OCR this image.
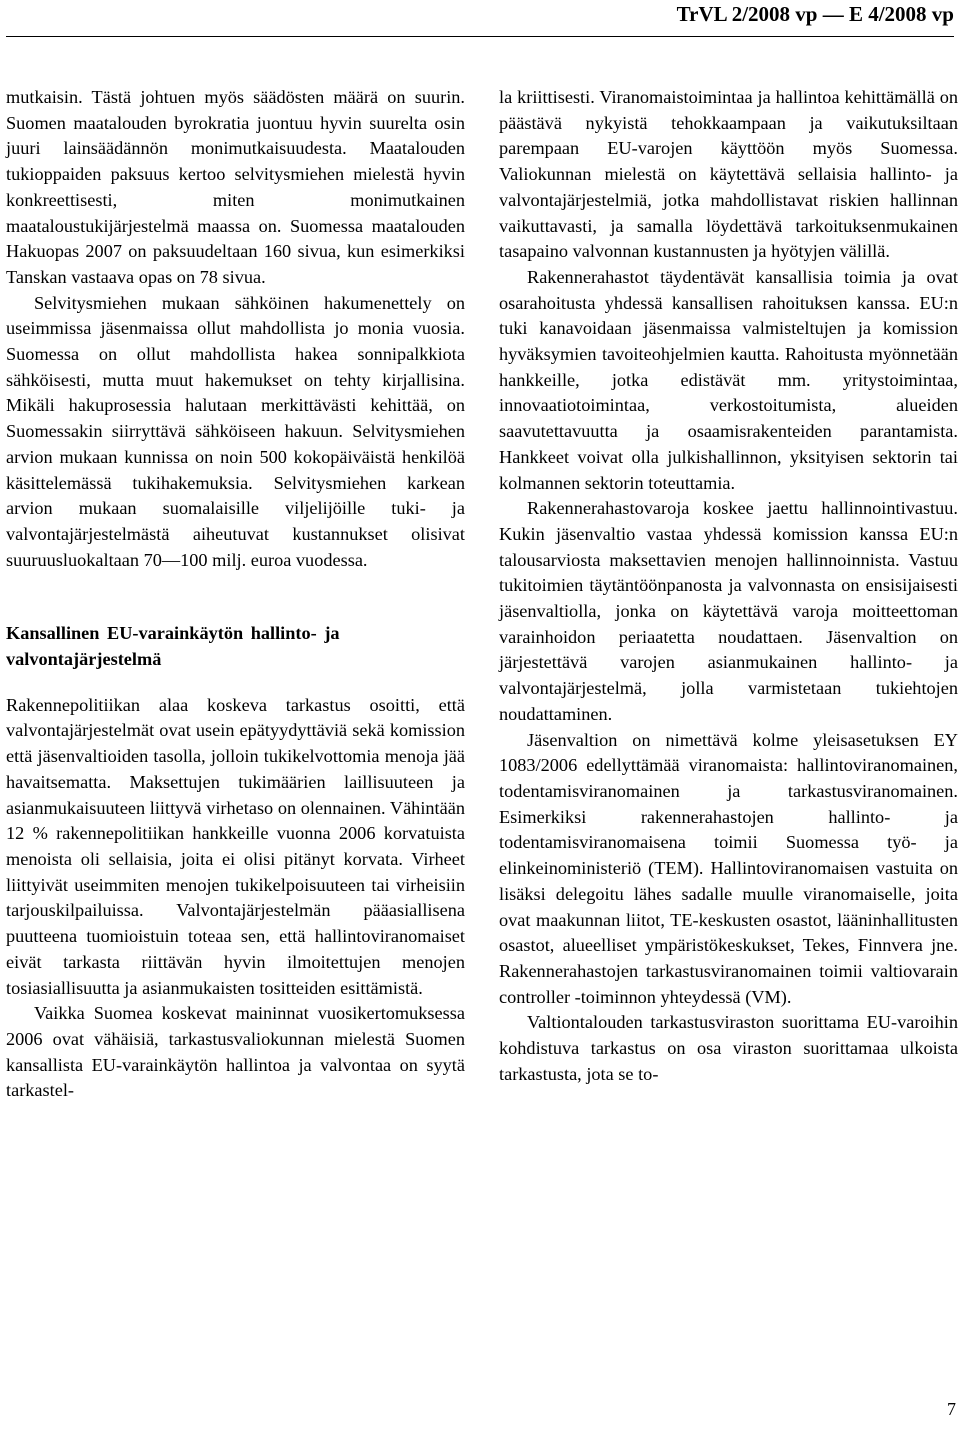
TrVL 2/2008 vp — E 4/2008 vp

mutkaisin. Tästä johtuen myös säädösten määrä on suurin. Suomen maatalouden byrokratia juontuu hyvin suurelta osin juuri lainsäädännön monimutkaisuudesta. Maatalouden tukioppaiden paksuus kertoo selvitysmiehen mielestä hyvin konkreettisesti, miten monimutkainen maataloustukijärjestelmä maassa on. Suomessa maatalouden Hakuopas 2007 on paksuudeltaan 160 sivua, kun esimerkiksi Tanskan vastaava opas on 78 sivua.

Selvitysmiehen mukaan sähköinen hakumenettely on useimmissa jäsenmaissa ollut mahdollista jo monia vuosia. Suomessa on ollut mahdollista hakea sonnipalkkiota sähköisesti, mutta muut hakemukset on tehty kirjallisina. Mikäli hakuprosessia halutaan merkittävästi kehittää, on Suomessakin siirryttävä sähköiseen hakuun. Selvitysmiehen arvion mukaan kunnissa on noin 500 kokopäiväistä henkilöä käsittelemässä tukihakemuksia. Selvitysmiehen karkean arvion mukaan suomalaisille viljelijöille tuki- ja valvontajärjestelmästä aiheutuvat kustannukset olisivat suuruusluokaltaan 70—100 milj. euroa vuodessa.

Kansallinen EU-varainkäytön hallinto- ja valvontajärjestelmä

Rakennepolitiikan alaa koskeva tarkastus osoitti, että valvontajärjestelmät ovat usein epätyydyttäviä sekä komission että jäsenvaltioiden tasolla, jolloin tukikelvottomia menoja jää havaitsematta. Maksettujen tukimäärien laillisuuteen ja asianmukaisuuteen liittyvä virhetaso on olennainen. Vähintään 12 % rakennepolitiikan hankkeille vuonna 2006 korvatuista menoista oli sellaisia, joita ei olisi pitänyt korvata. Virheet liittyivät useimmiten menojen tukikelpoisuuteen tai virheisiin tarjouskilpailuissa. Valvontajärjestelmän pääasiallisena puutteena tuomioistuin toteaa sen, että hallintoviranomaiset eivät tarkasta riittävän hyvin ilmoitettujen menojen tosiasiallisuutta ja asianmukaisten tositteiden esittämistä.

Vaikka Suomea koskevat maininnat vuosikertomuksessa 2006 ovat vähäisiä, tarkastusvaliokunnan mielestä Suomen kansallista EU-varainkäytön hallintoa ja valvontaa on syytä tarkastel-

la kriittisesti. Viranomaistoimintaa ja hallintoa kehittämällä on päästävä nykyistä tehokkaampaan ja vaikutuksiltaan parempaan EU-varojen käyttöön myös Suomessa. Valiokunnan mielestä on käytettävä sellaisia hallinto- ja valvontajärjestelmiä, jotka mahdollistavat riskien hallinnan vaikuttavasti, ja samalla löydettävä tarkoituksenmukainen tasapaino valvonnan kustannusten ja hyötyjen välillä.

Rakennerahastot täydentävät kansallisia toimia ja ovat osarahoitusta yhdessä kansallisen rahoituksen kanssa. EU:n tuki kanavoidaan jäsenmaissa valmisteltujen ja komission hyväksymien tavoiteohjelmien kautta. Rahoitusta myönnetään hankkeille, jotka edistävät mm. yritystoimintaa, innovaatiotoimintaa, verkostoitumista, alueiden saavutettavuutta ja osaamisrakenteiden parantamista. Hankkeet voivat olla julkishallinnon, yksityisen sektorin tai kolmannen sektorin toteuttamia.

Rakennerahastovaroja koskee jaettu hallinnointivastuu. Kukin jäsenvaltio vastaa yhdessä komission kanssa EU:n talousarviosta maksettavien menojen hallinnoinnista. Vastuu tukitoimien täytäntöönpanosta ja valvonnasta on ensisijaisesti jäsenvaltiolla, jonka on käytettävä varoja moitteettoman varainhoidon periaatetta noudattaen. Jäsenvaltion on järjestettävä varojen asianmukainen hallinto- ja valvontajärjestelmä, jolla varmistetaan tukiehtojen noudattaminen.

Jäsenvaltion on nimettävä kolme yleisasetuksen EY 1083/2006 edellyttämää viranomaista: hallintoviranomainen, todentamisviranomainen ja tarkastusviranomainen. Esimerkiksi rakennerahastojen hallinto- ja todentamisviranomaisena toimii Suomessa työ- ja elinkeinoministeriö (TEM). Hallintoviranomaisen vastuita on lisäksi delegoitu lähes sadalle muulle viranomaiselle, joita ovat maakunnan liitot, TE-keskusten osastot, lääninhallitusten osastot, alueelliset ympäristökeskukset, Tekes, Finnvera jne. Rakennerahastojen tarkastusviranomainen toimii valtiovarain controller -toiminnon yhteydessä (VM).

Valtiontalouden tarkastusviraston suorittama EU-varoihin kohdistuva tarkastus on osa viraston suorittamaa ulkoista tarkastusta, jota se to-

7
